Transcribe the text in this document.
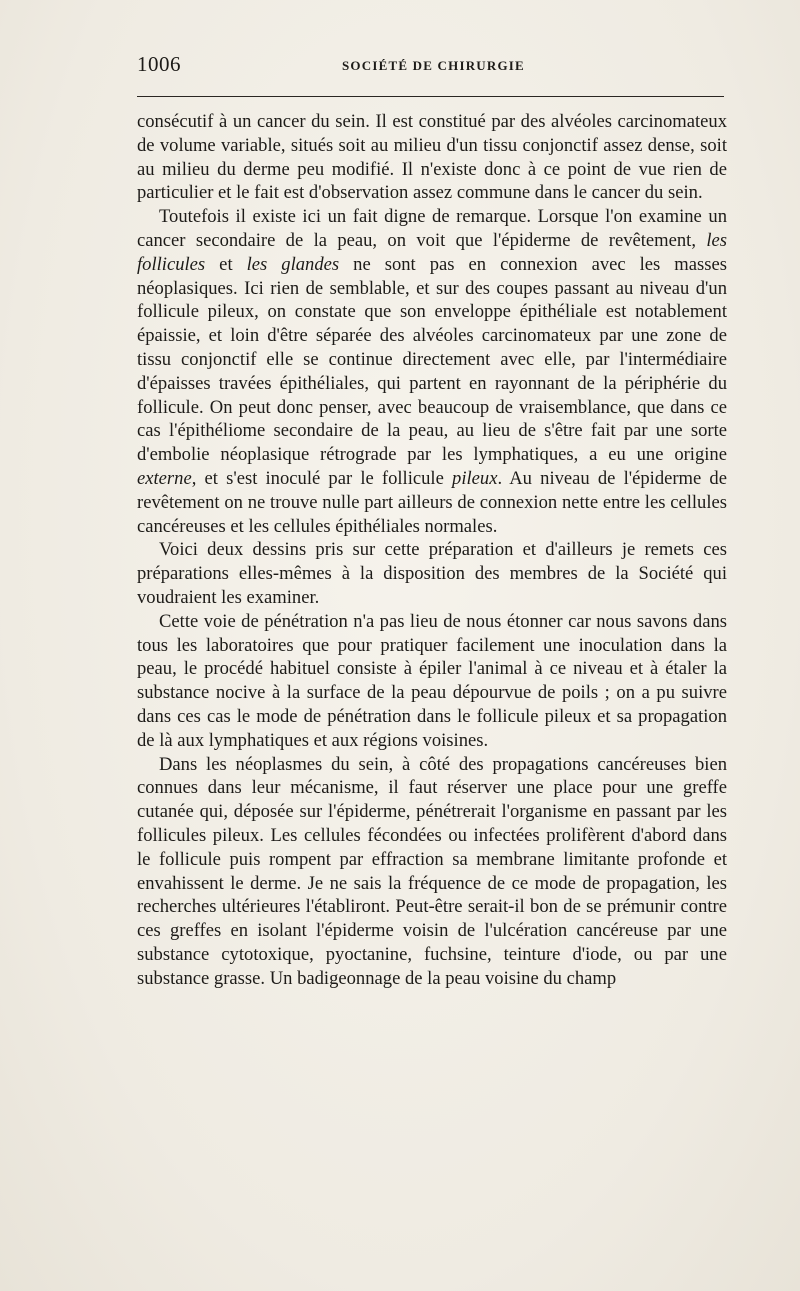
1006	SOCIÉTÉ DE CHIRURGIE

consécutif à un cancer du sein. Il est constitué par des alvéoles carcinomateux de volume variable, situés soit au milieu d'un tissu conjonctif assez dense, soit au milieu du derme peu modifié. Il n'existe donc à ce point de vue rien de particulier et le fait est d'observation assez commune dans le cancer du sein.

Toutefois il existe ici un fait digne de remarque. Lorsque l'on examine un cancer secondaire de la peau, on voit que l'épiderme de revêtement, les follicules et les glandes ne sont pas en connexion avec les masses néoplasiques. Ici rien de semblable, et sur des coupes passant au niveau d'un follicule pileux, on constate que son enveloppe épithéliale est notablement épaissie, et loin d'être séparée des alvéoles carcinomateux par une zone de tissu conjonctif elle se continue directement avec elle, par l'intermédiaire d'épaisses travées épithéliales, qui partent en rayonnant de la périphérie du follicule. On peut donc penser, avec beaucoup de vraisemblance, que dans ce cas l'épithéliome secondaire de la peau, au lieu de s'être fait par une sorte d'embolie néoplasique rétrograde par les lymphatiques, a eu une origine externe, et s'est inoculé par le follicule pileux. Au niveau de l'épiderme de revêtement on ne trouve nulle part ailleurs de connexion nette entre les cellules cancéreuses et les cellules épithéliales normales.

Voici deux dessins pris sur cette préparation et d'ailleurs je remets ces préparations elles-mêmes à la disposition des membres de la Société qui voudraient les examiner.

Cette voie de pénétration n'a pas lieu de nous étonner car nous savons dans tous les laboratoires que pour pratiquer facilement une inoculation dans la peau, le procédé habituel consiste à épiler l'animal à ce niveau et à étaler la substance nocive à la surface de la peau dépourvue de poils ; on a pu suivre dans ces cas le mode de pénétration dans le follicule pileux et sa propagation de là aux lymphatiques et aux régions voisines.

Dans les néoplasmes du sein, à côté des propagations cancéreuses bien connues dans leur mécanisme, il faut réserver une place pour une greffe cutanée qui, déposée sur l'épiderme, pénétrerait l'organisme en passant par les follicules pileux. Les cellules fécondées ou infectées prolifèrent d'abord dans le follicule puis rompent par effraction sa membrane limitante profonde et envahissent le derme. Je ne sais la fréquence de ce mode de propagation, les recherches ultérieures l'établiront. Peut-être serait-il bon de se prémunir contre ces greffes en isolant l'épiderme voisin de l'ulcération cancéreuse par une substance cytotoxique, pyoctanine, fuchsine, teinture d'iode, ou par une substance grasse. Un badigeonnage de la peau voisine du champ
